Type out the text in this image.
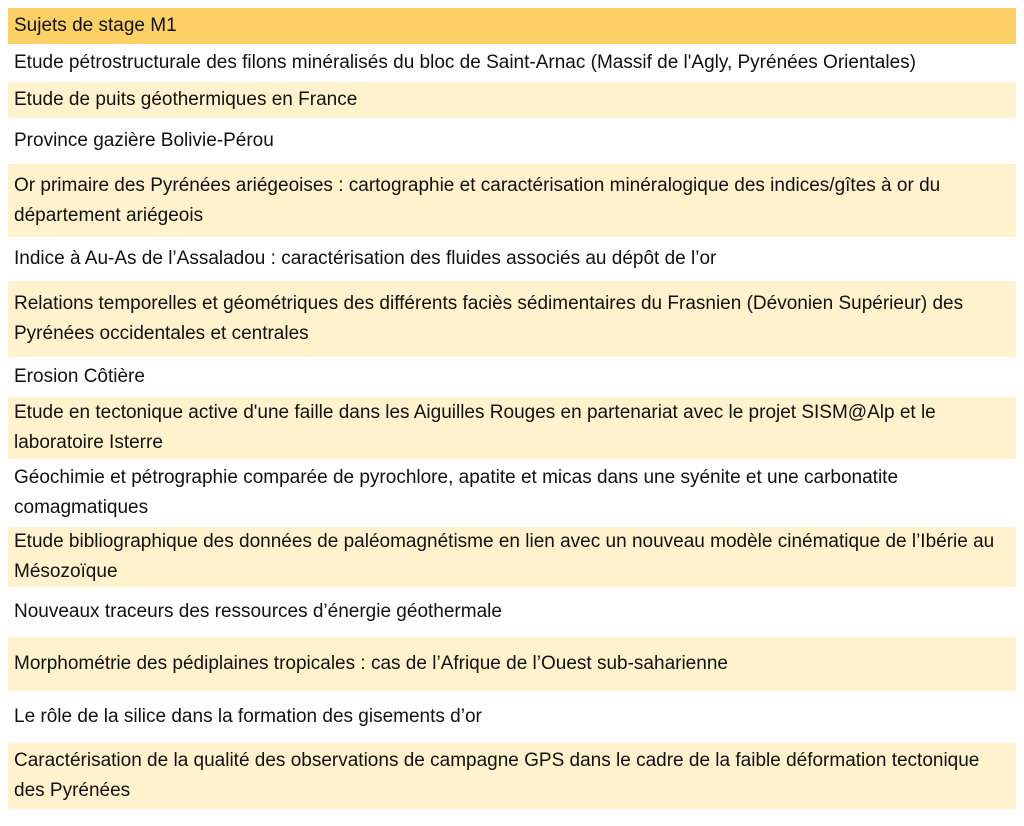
Sujets de stage M1
Etude pétrostructurale des filons minéralisés du bloc de Saint-Arnac (Massif de l'Agly, Pyrénées Orientales)
Etude de puits géothermiques en France
Province gazière Bolivie-Pérou
Or primaire des Pyrénées ariégeoises : cartographie et caractérisation minéralogique des indices/gîtes à or du département ariégeois
Indice à Au-As de l’Assaladou : caractérisation des fluides associés au dépôt de l’or
Relations temporelles et géométriques des différents faciès sédimentaires du Frasnien (Dévonien Supérieur) des Pyrénées occidentales et centrales
Erosion Côtière
Etude en tectonique active d'une faille dans les Aiguilles Rouges en partenariat avec le projet SISM@Alp et le laboratoire Isterre
Géochimie et pétrographie comparée de pyrochlore, apatite et micas dans une syénite et une carbonatite comagmatiques
Etude bibliographique des données de paléomagnétisme en lien avec un nouveau modèle cinématique de l’Ibérie au Mésozoïque
Nouveaux traceurs des ressources d’énergie géothermale
Morphométrie des pédiplaines tropicales : cas de l’Afrique de l’Ouest sub-saharienne
Le rôle de la silice dans la formation des gisements d’or
Caractérisation de la qualité des observations de campagne GPS dans le cadre de la faible déformation tectonique des Pyrénées
